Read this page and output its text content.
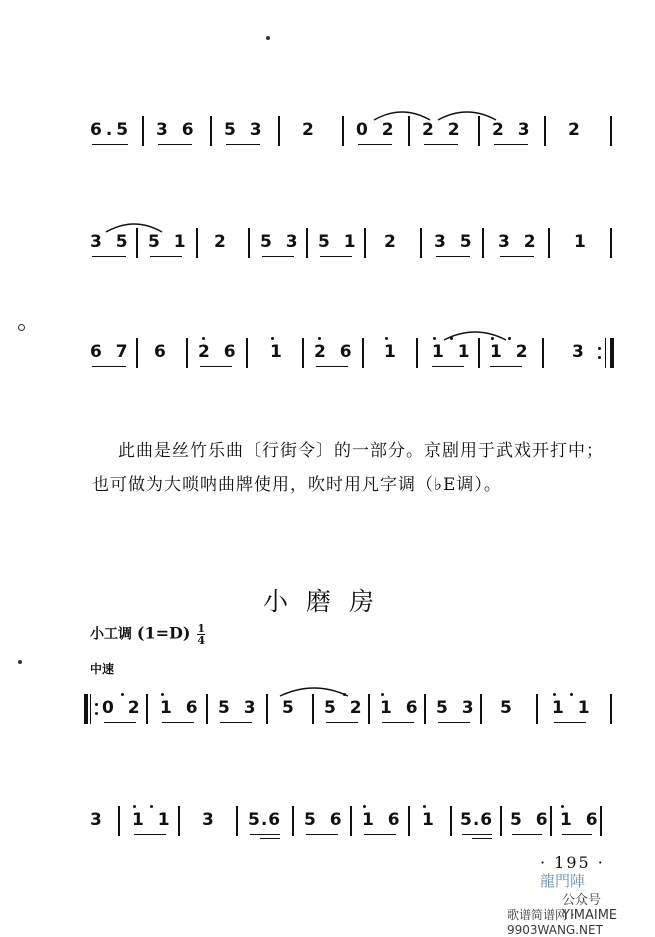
6.5 3 6 5 3 2 0 2 2 2 2 3 2
3 5 5 1 2 5 3 5 1 2 3 5 3 2 1
6 7 6 2 6 1 2 6 1 1 1 1 2 3
此曲是丝竹乐曲〔行街令〕的一部分。京剧用于武戏开打中；
也可做为大唢呐曲牌使用，吹时用凡字调（♭E调）。
小磨房
小工调 $(1=D) \frac{1}{4}$
中速
0 2 1 6 5 3 5 5 2 1 6 5 3 5 1 1
3 1 1 3 5.6 5 6 1 6 1 5.6 5 6 1 6
· 195 ·
龍門陣
公众号YIMAIME
歌谱简谱网 · 9903WANG.NET
